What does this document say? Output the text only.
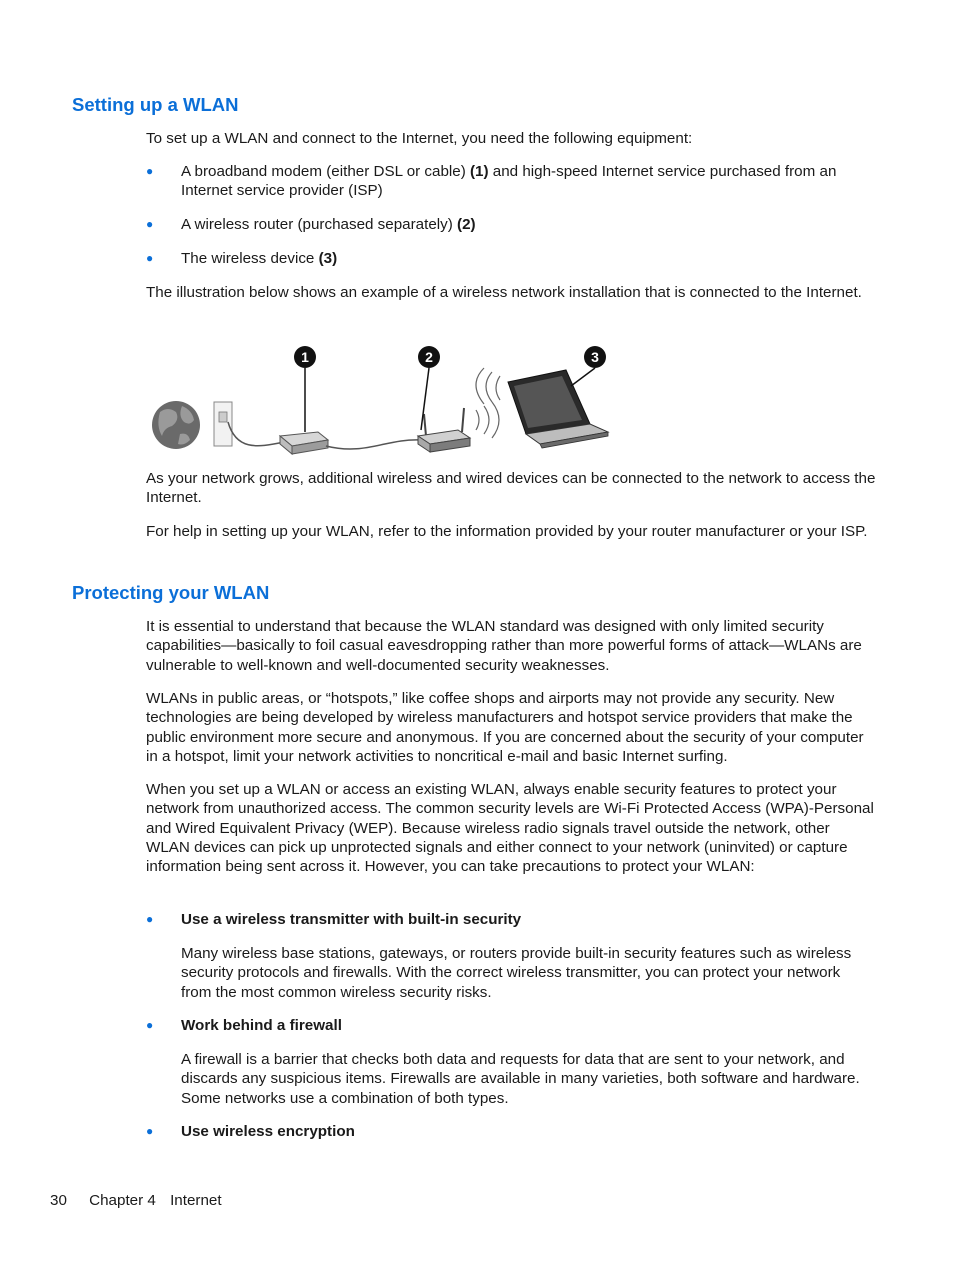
Setting up a WLAN

To set up a WLAN and connect to the Internet, you need the following equipment:

●	A broadband modem (either DSL or cable) (1) and high-speed Internet service purchased from an Internet service provider (ISP)
●	A wireless router (purchased separately) (2)
●	The wireless device (3)

The illustration below shows an example of a wireless network installation that is connected to the Internet.

1	2	3

As your network grows, additional wireless and wired devices can be connected to the network to access the Internet.

For help in setting up your WLAN, refer to the information provided by your router manufacturer or your ISP.

Protecting your WLAN

It is essential to understand that because the WLAN standard was designed with only limited security capabilities—basically to foil casual eavesdropping rather than more powerful forms of attack—WLANs are vulnerable to well-known and well-documented security weaknesses.

WLANs in public areas, or “hotspots,” like coffee shops and airports may not provide any security. New technologies are being developed by wireless manufacturers and hotspot service providers that make the public environment more secure and anonymous. If you are concerned about the security of your computer in a hotspot, limit your network activities to noncritical e-mail and basic Internet surfing.

When you set up a WLAN or access an existing WLAN, always enable security features to protect your network from unauthorized access. The common security levels are Wi-Fi Protected Access (WPA)-Personal and Wired Equivalent Privacy (WEP). Because wireless radio signals travel outside the network, other WLAN devices can pick up unprotected signals and either connect to your network (uninvited) or capture information being sent across it. However, you can take precautions to protect your WLAN:

●	Use a wireless transmitter with built-in security
Many wireless base stations, gateways, or routers provide built-in security features such as wireless security protocols and firewalls. With the correct wireless transmitter, you can protect your network from the most common wireless security risks.
●	Work behind a firewall
A firewall is a barrier that checks both data and requests for data that are sent to your network, and discards any suspicious items. Firewalls are available in many varieties, both software and hardware. Some networks use a combination of both types.
●	Use wireless encryption
30 Chapter 4 Internet
